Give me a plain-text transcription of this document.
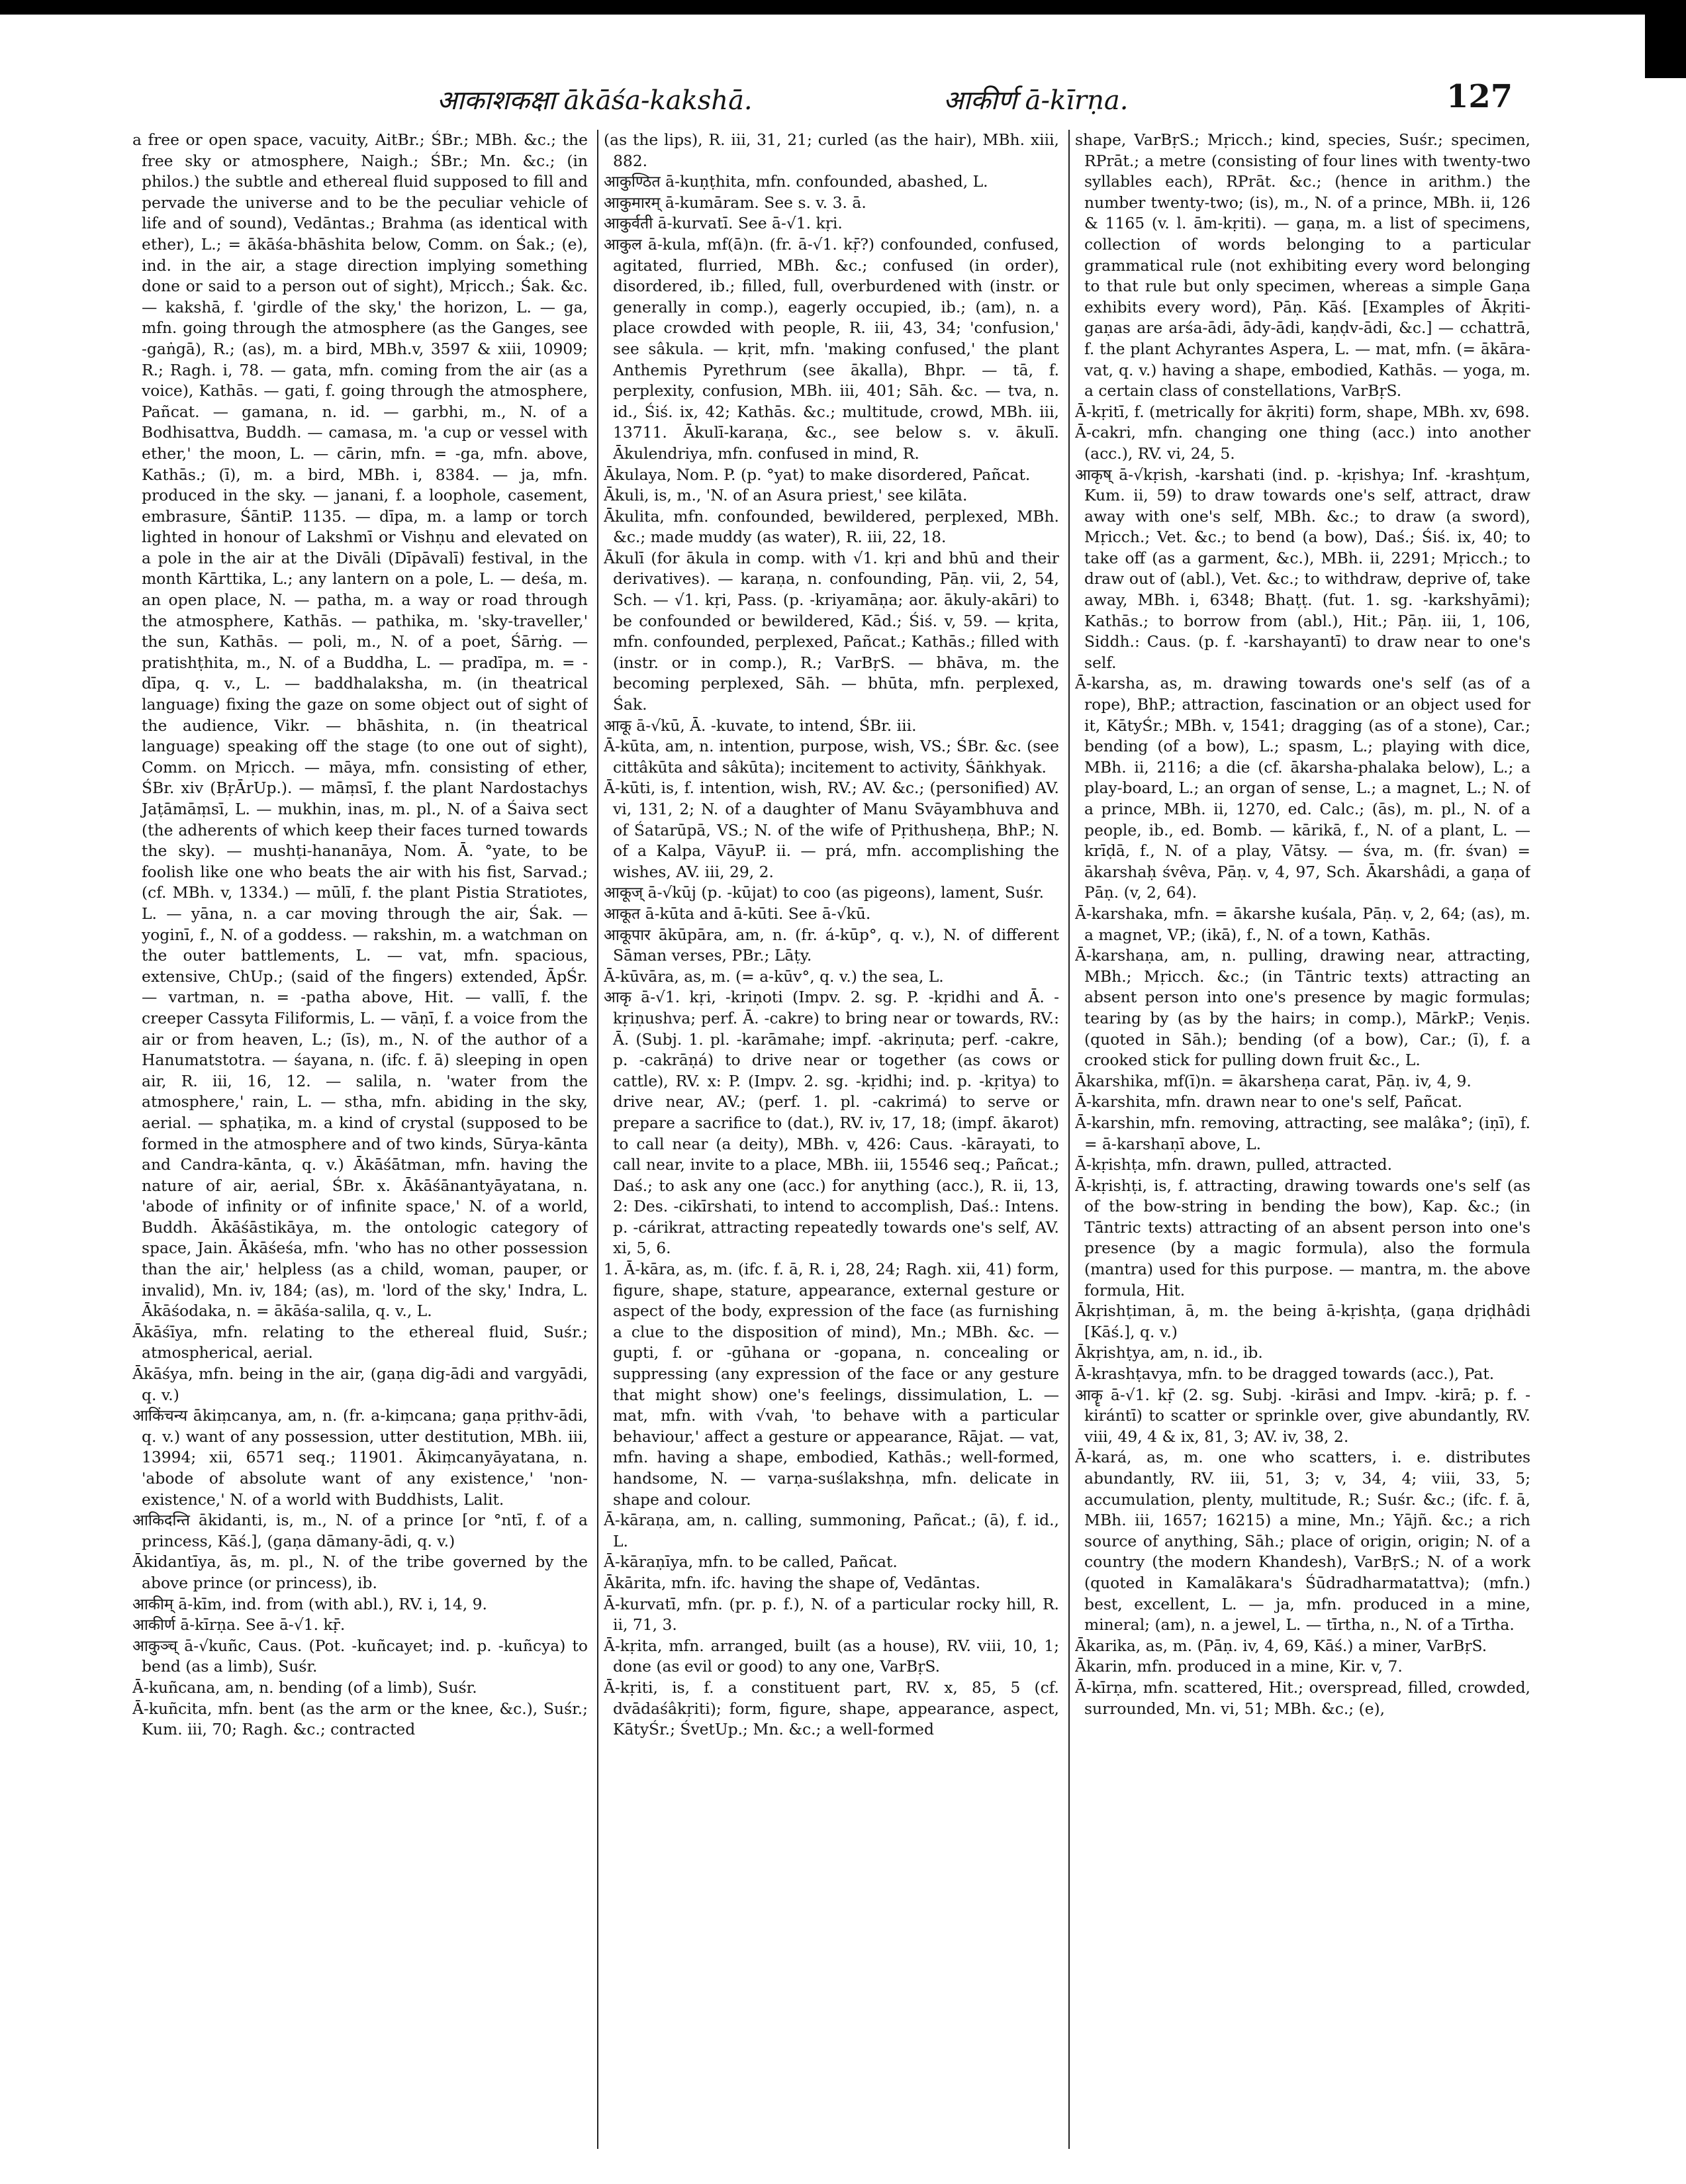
आकाशकक्षा ākāśa-kakshā.	आकीर्ण ā-kīrṇa.	127

a free or open space, vacuity, AitBr.; ŚBr.; MBh. &c.; the free sky or atmosphere, Naigh.; ŚBr.; Mn. &c.; (in philos.) the subtle and ethereal fluid supposed to fill and pervade the universe and to be the peculiar vehicle of life and of sound), Vedāntas.; Brahma (as identical with ether), L.; = ākāśa-bhāshita below, Comm. on Śak.; (e), ind. in the air, a stage direction implying something done or said to a person out of sight), Mṛicch.; Śak. &c. — kakshā, f. 'girdle of the sky,' the horizon, L. — ga, mfn. going through the atmosphere (as the Ganges, see -gaṅgā), R.; (as), m. a bird, MBh.v, 3597 & xiii, 10909; R.; Ragh. i, 78. — gata, mfn. coming from the air (as a voice), Kathās. — gati, f. going through the atmosphere, Pañcat. — gamana, n. id. — garbhi, m., N. of a Bodhisattva, Buddh. — camasa, m. 'a cup or vessel with ether,' the moon, L. — cārin, mfn. = -ga, mfn. above, Kathās.; (ī), m. a bird, MBh. i, 8384. — ja, mfn. produced in the sky. — janani, f. a loophole, casement, embrasure, ŚāntiP. 1135. — dīpa, m. a lamp or torch lighted in honour of Lakshmī or Vishṇu and elevated on a pole in the air at the Divāli (Dīpāvalī) festival, in the month Kārttika, L.; any lantern on a pole, L. — deśa, m. an open place, N. — patha, m. a way or road through the atmosphere, Kathās. — pathika, m. 'sky-traveller,' the sun, Kathās. — poli, m., N. of a poet, Śārṅg. — pratishṭhita, m., N. of a Buddha, L. — pradīpa, m. = -dīpa, q. v., L. — baddhalaksha, m. (in theatrical language) fixing the gaze on some object out of sight of the audience, Vikr. — bhāshita, n. (in theatrical language) speaking off the stage (to one out of sight), Comm. on Mṛicch. — māya, mfn. consisting of ether, ŚBr. xiv (BṛĀrUp.). — māṃsī, f. the plant Nardostachys Jaṭāmāṃsī, L. — mukhin, inas, m. pl., N. of a Śaiva sect (the adherents of which keep their faces turned towards the sky). — mushṭi-hananāya, Nom. Ā. °yate, to be foolish like one who beats the air with his fist, Sarvad.; (cf. MBh. v, 1334.) — mūlī, f. the plant Pistia Stratiotes, L. — yāna, n. a car moving through the air, Śak. — yoginī, f., N. of a goddess. — rakshin, m. a watchman on the outer battlements, L. — vat, mfn. spacious, extensive, ChUp.; (said of the fingers) extended, ĀpŚr. — vartman, n. = -patha above, Hit. — vallī, f. the creeper Cassyta Filiformis, L. — vāṇī, f. a voice from the air or from heaven, L.; (īs), m., N. of the author of a Hanumatstotra. — śayana, n. (ifc. f. ā) sleeping in open air, R. iii, 16, 12. — salila, n. 'water from the atmosphere,' rain, L. — stha, mfn. abiding in the sky, aerial. — sphaṭika, m. a kind of crystal (supposed to be formed in the atmosphere and of two kinds, Sūrya-kānta and Candra-kānta, q. v.) Ākāśātman, mfn. having the nature of air, aerial, ŚBr. x. Ākāśānantyāyatana, n. 'abode of infinity or of infinite space,' N. of a world, Buddh. Ākāśāstikāya, m. the ontologic category of space, Jain. Ākāśeśa, mfn. 'who has no other possession than the air,' helpless (as a child, woman, pauper, or invalid), Mn. iv, 184; (as), m. 'lord of the sky,' Indra, L. Ākāśodaka, n. = ākāśa-salila, q. v., L.

Ākāśīya, mfn. relating to the ethereal fluid, Suśr.; atmospherical, aerial.

Ākāśya, mfn. being in the air, (gaṇa dig-ādi and vargyādi, q. v.)

आकिंचन्य ākiṃcanya, am, n. (fr. a-kiṃcana; gaṇa pṛithv-ādi, q. v.) want of any possession, utter destitution, MBh. iii, 13994; xii, 6571 seq.; 11901. Ākiṃcanyāyatana, n. 'abode of absolute want of any existence,' 'non-existence,' N. of a world with Buddhists, Lalit.

आकिदन्ति ākidanti, is, m., N. of a prince [or °ntī, f. of a princess, Kāś.], (gaṇa dāmany-ādi, q. v.)

Ākidantīya, ās, m. pl., N. of the tribe governed by the above prince (or princess), ib.

आकीम् ā-kīm, ind. from (with abl.), RV. i, 14, 9.

आकीर्ण ā-kīrṇa. See ā-√1. kṝ.

आकुञ्च् ā-√kuñc, Caus. (Pot. -kuñcayet; ind. p. -kuñcya) to bend (as a limb), Suśr.

Ā-kuñcana, am, n. bending (of a limb), Suśr.

Ā-kuñcita, mfn. bent (as the arm or the knee, &c.), Suśr.; Kum. iii, 70; Ragh. &c.; contracted

(as the lips), R. iii, 31, 21; curled (as the hair), MBh. xiii, 882.

आकुण्ठित ā-kuṇṭhita, mfn. confounded, abashed, L.

आकुमारम् ā-kumāram. See s. v. 3. ā.

आकुर्वती ā-kurvatī. See ā-√1. kṛi.

आकुल ā-kula, mf(ā)n. (fr. ā-√1. kṝ?) confounded, confused, agitated, flurried, MBh. &c.; confused (in order), disordered, ib.; filled, full, overburdened with (instr. or generally in comp.), eagerly occupied, ib.; (am), n. a place crowded with people, R. iii, 43, 34; 'confusion,' see sâkula. — kṛit, mfn. 'making confused,' the plant Anthemis Pyrethrum (see ākalla), Bhpr. — tā, f. perplexity, confusion, MBh. iii, 401; Sāh. &c. — tva, n. id., Śiś. ix, 42; Kathās. &c.; multitude, crowd, MBh. iii, 13711. Ākulī-karaṇa, &c., see below s. v. ākulī. Ākulendriya, mfn. confused in mind, R.

Ākulaya, Nom. P. (p. °yat) to make disordered, Pañcat.

Ākuli, is, m., 'N. of an Asura priest,' see kilāta.

Ākulita, mfn. confounded, bewildered, perplexed, MBh. &c.; made muddy (as water), R. iii, 22, 18.

Ākulī (for ākula in comp. with √1. kṛi and bhū and their derivatives). — karaṇa, n. confounding, Pāṇ. vii, 2, 54, Sch. — √1. kṛi, Pass. (p. -kriyamāṇa; aor. ākuly-akāri) to be confounded or bewildered, Kād.; Śiś. v, 59. — kṛita, mfn. confounded, perplexed, Pañcat.; Kathās.; filled with (instr. or in comp.), R.; VarBṛS. — bhāva, m. the becoming perplexed, Sāh. — bhūta, mfn. perplexed, Śak.

आकू ā-√kū, Ā. -kuvate, to intend, ŚBr. iii.

Ā-kūta, am, n. intention, purpose, wish, VS.; ŚBr. &c. (see cittâkūta and sâkūta); incitement to activity, Śāṅkhyak.

Ā-kūti, is, f. intention, wish, RV.; AV. &c.; (personified) AV. vi, 131, 2; N. of a daughter of Manu Svāyambhuva and of Śatarūpā, VS.; N. of the wife of Pṛithusheṇa, BhP.; N. of a Kalpa, VāyuP. ii. — prá, mfn. accomplishing the wishes, AV. iii, 29, 2.

आकूज् ā-√kūj (p. -kūjat) to coo (as pigeons), lament, Suśr.

आकूत ā-kūta and ā-kūti. See ā-√kū.

आकूपार ākūpāra, am, n. (fr. á-kūp°, q. v.), N. of different Sāman verses, PBr.; Lāṭy.

Ā-kūvāra, as, m. (= a-kūv°, q. v.) the sea, L.

आकृ ā-√1. kṛi, -kriṇoti (Impv. 2. sg. P. -kṛidhi and Ā. -kṛiṇushva; perf. Ā. -cakre) to bring near or towards, RV.: Ā. (Subj. 1. pl. -karāmahe; impf. -akriṇuta; perf. -cakre, p. -cakrāṇá) to drive near or together (as cows or cattle), RV. x: P. (Impv. 2. sg. -kṛidhi; ind. p. -kṛitya) to drive near, AV.; (perf. 1. pl. -cakrimá) to serve or prepare a sacrifice to (dat.), RV. iv, 17, 18; (impf. ākarot) to call near (a deity), MBh. v, 426: Caus. -kārayati, to call near, invite to a place, MBh. iii, 15546 seq.; Pañcat.; Daś.; to ask any one (acc.) for anything (acc.), R. ii, 13, 2: Des. -cikīrshati, to intend to accomplish, Daś.: Intens. p. -cárikrat, attracting repeatedly towards one's self, AV. xi, 5, 6.

1. Ā-kāra, as, m. (ifc. f. ā, R. i, 28, 24; Ragh. xii, 41) form, figure, shape, stature, appearance, external gesture or aspect of the body, expression of the face (as furnishing a clue to the disposition of mind), Mn.; MBh. &c. — gupti, f. or -gūhana or -gopana, n. concealing or suppressing (any expression of the face or any gesture that might show) one's feelings, dissimulation, L. — mat, mfn. with √vah, 'to behave with a particular behaviour,' affect a gesture or appearance, Rājat. — vat, mfn. having a shape, embodied, Kathās.; well-formed, handsome, N. — varṇa-suślakshṇa, mfn. delicate in shape and colour.

Ā-kāraṇa, am, n. calling, summoning, Pañcat.; (ā), f. id., L.

Ā-kāraṇīya, mfn. to be called, Pañcat.

Ākārita, mfn. ifc. having the shape of, Vedāntas.

Ā-kurvatī, mfn. (pr. p. f.), N. of a particular rocky hill, R. ii, 71, 3.

Ā-kṛita, mfn. arranged, built (as a house), RV. viii, 10, 1; done (as evil or good) to any one, VarBṛS.

Ā-kṛiti, is, f. a constituent part, RV. x, 85, 5 (cf. dvādaśâkṛiti); form, figure, shape, appearance, aspect, KātyŚr.; ŚvetUp.; Mn. &c.; a well-formed

shape, VarBṛS.; Mṛicch.; kind, species, Suśr.; specimen, RPrāt.; a metre (consisting of four lines with twenty-two syllables each), RPrāt. &c.; (hence in arithm.) the number twenty-two; (is), m., N. of a prince, MBh. ii, 126 & 1165 (v. l. ām-kṛiti). — gaṇa, m. a list of specimens, collection of words belonging to a particular grammatical rule (not exhibiting every word belonging to that rule but only specimen, whereas a simple Gaṇa exhibits every word), Pāṇ. Kāś. [Examples of Ākṛiti-gaṇas are arśa-ādi, ādy-ādi, kaṇḍv-ādi, &c.] — cchattrā, f. the plant Achyrantes Aspera, L. — mat, mfn. (= ākāra-vat, q. v.) having a shape, embodied, Kathās. — yoga, m. a certain class of constellations, VarBṛS.

Ā-kṛitī, f. (metrically for ākṛiti) form, shape, MBh. xv, 698.

Ā-cakri, mfn. changing one thing (acc.) into another (acc.), RV. vi, 24, 5.

आकृष् ā-√kṛish, -karshati (ind. p. -kṛishya; Inf. -krashṭum, Kum. ii, 59) to draw towards one's self, attract, draw away with one's self, MBh. &c.; to draw (a sword), Mṛicch.; Vet. &c.; to bend (a bow), Daś.; Śiś. ix, 40; to take off (as a garment, &c.), MBh. ii, 2291; Mṛicch.; to draw out of (abl.), Vet. &c.; to withdraw, deprive of, take away, MBh. i, 6348; Bhaṭṭ. (fut. 1. sg. -karkshyāmi); Kathās.; to borrow from (abl.), Hit.; Pāṇ. iii, 1, 106, Siddh.: Caus. (p. f. -karshayantī) to draw near to one's self.

Ā-karsha, as, m. drawing towards one's self (as of a rope), BhP.; attraction, fascination or an object used for it, KātyŚr.; MBh. v, 1541; dragging (as of a stone), Car.; bending (of a bow), L.; spasm, L.; playing with dice, MBh. ii, 2116; a die (cf. ākarsha-phalaka below), L.; a play-board, L.; an organ of sense, L.; a magnet, L.; N. of a prince, MBh. ii, 1270, ed. Calc.; (ās), m. pl., N. of a people, ib., ed. Bomb. — kārikā, f., N. of a plant, L. — krīḍā, f., N. of a play, Vātsy. — śva, m. (fr. śvan) = ākarshaḥ śvêva, Pāṇ. v, 4, 97, Sch. Ākarshâdi, a gaṇa of Pāṇ. (v, 2, 64).

Ā-karshaka, mfn. = ākarshe kuśala, Pāṇ. v, 2, 64; (as), m. a magnet, VP.; (ikā), f., N. of a town, Kathās.

Ā-karshaṇa, am, n. pulling, drawing near, attracting, MBh.; Mṛicch. &c.; (in Tāntric texts) attracting an absent person into one's presence by magic formulas; tearing by (as by the hairs; in comp.), MārkP.; Veṇis. (quoted in Sāh.); bending (of a bow), Car.; (ī), f. a crooked stick for pulling down fruit &c., L.

Ākarshika, mf(ī)n. = ākarsheṇa carat, Pāṇ. iv, 4, 9.

Ā-karshita, mfn. drawn near to one's self, Pañcat.

Ā-karshin, mfn. removing, attracting, see malâka°; (iṇī), f. = ā-karshaṇī above, L.

Ā-kṛishṭa, mfn. drawn, pulled, attracted.

Ā-kṛishṭi, is, f. attracting, drawing towards one's self (as of the bow-string in bending the bow), Kap. &c.; (in Tāntric texts) attracting of an absent person into one's presence (by a magic formula), also the formula (mantra) used for this purpose. — mantra, m. the above formula, Hit.

Ākṛishṭiman, ā, m. the being ā-kṛishṭa, (gaṇa dṛiḍhâdi [Kāś.], q. v.)

Ākṛishṭya, am, n. id., ib.

Ā-krashṭavya, mfn. to be dragged towards (acc.), Pat.

आकॄ ā-√1. kṝ (2. sg. Subj. -kirāsi and Impv. -kirā; p. f. -kirántī) to scatter or sprinkle over, give abundantly, RV. viii, 49, 4 & ix, 81, 3; AV. iv, 38, 2.

Ā-kará, as, m. one who scatters, i. e. distributes abundantly, RV. iii, 51, 3; v, 34, 4; viii, 33, 5; accumulation, plenty, multitude, R.; Suśr. &c.; (ifc. f. ā, MBh. iii, 1657; 16215) a mine, Mn.; Yājñ. &c.; a rich source of anything, Sāh.; place of origin, origin; N. of a country (the modern Khandesh), VarBṛS.; N. of a work (quoted in Kamalākara's Śūdradharmatattva); (mfn.) best, excellent, L. — ja, mfn. produced in a mine, mineral; (am), n. a jewel, L. — tīrtha, n., N. of a Tīrtha.

Ākarika, as, m. (Pāṇ. iv, 4, 69, Kāś.) a miner, VarBṛS.

Ākarin, mfn. produced in a mine, Kir. v, 7.

Ā-kīrṇa, mfn. scattered, Hit.; overspread, filled, crowded, surrounded, Mn. vi, 51; MBh. &c.; (e),
